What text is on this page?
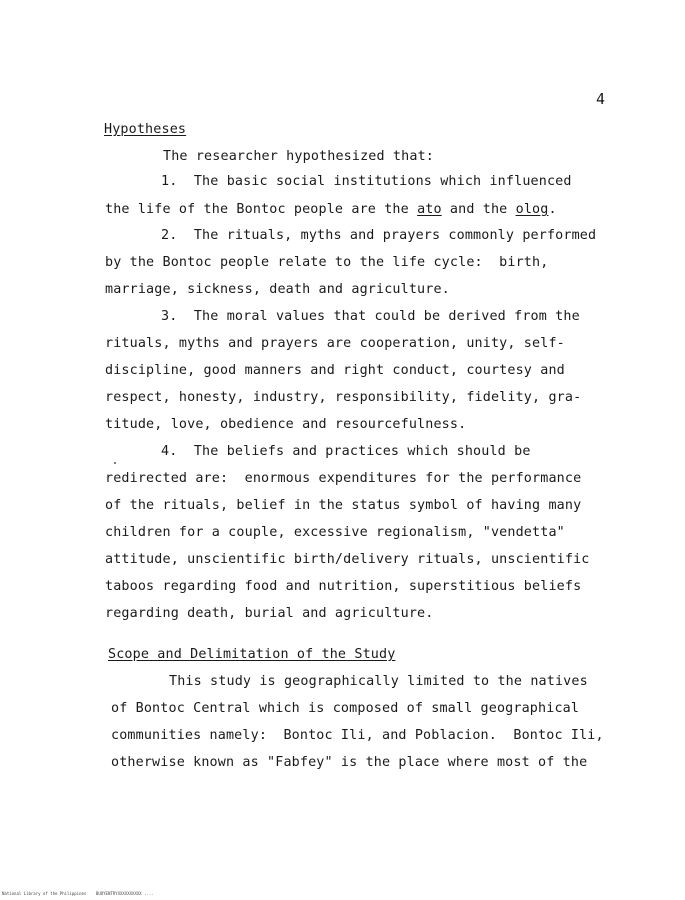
4
Hypotheses
The researcher hypothesized that:
1.  The basic social institutions which influenced
the life of the Bontoc people are the ato and the olog.
2.  The rituals, myths and prayers commonly performed
by the Bontoc people relate to the life cycle:  birth,
marriage, sickness, death and agriculture.
3.  The moral values that could be derived from the
rituals, myths and prayers are cooperation, unity, self-
discipline, good manners and right conduct, courtesy and
respect, honesty, industry, responsibility, fidelity, gra-
titude, love, obedience and resourcefulness.
4.  The beliefs and practices which should be
redirected are:  enormous expenditures for the performance
of the rituals, belief in the status symbol of having many
children for a couple, excessive regionalism, "vendetta"
attitude, unscientific birth/delivery rituals, unscientific
taboos regarding food and nutrition, superstitious beliefs
regarding death, burial and agriculture.
Scope and Delimitation of the Study
This study is geographically limited to the natives
of Bontoc Central which is composed of small geographical
communities namely:  Bontoc Ili, and Poblacion.  Bontoc Ili,
otherwise known as "Fabfey" is the place where most of the
National Library of the Philippines    BUOYENTRYXXXXXXXXXX ....
